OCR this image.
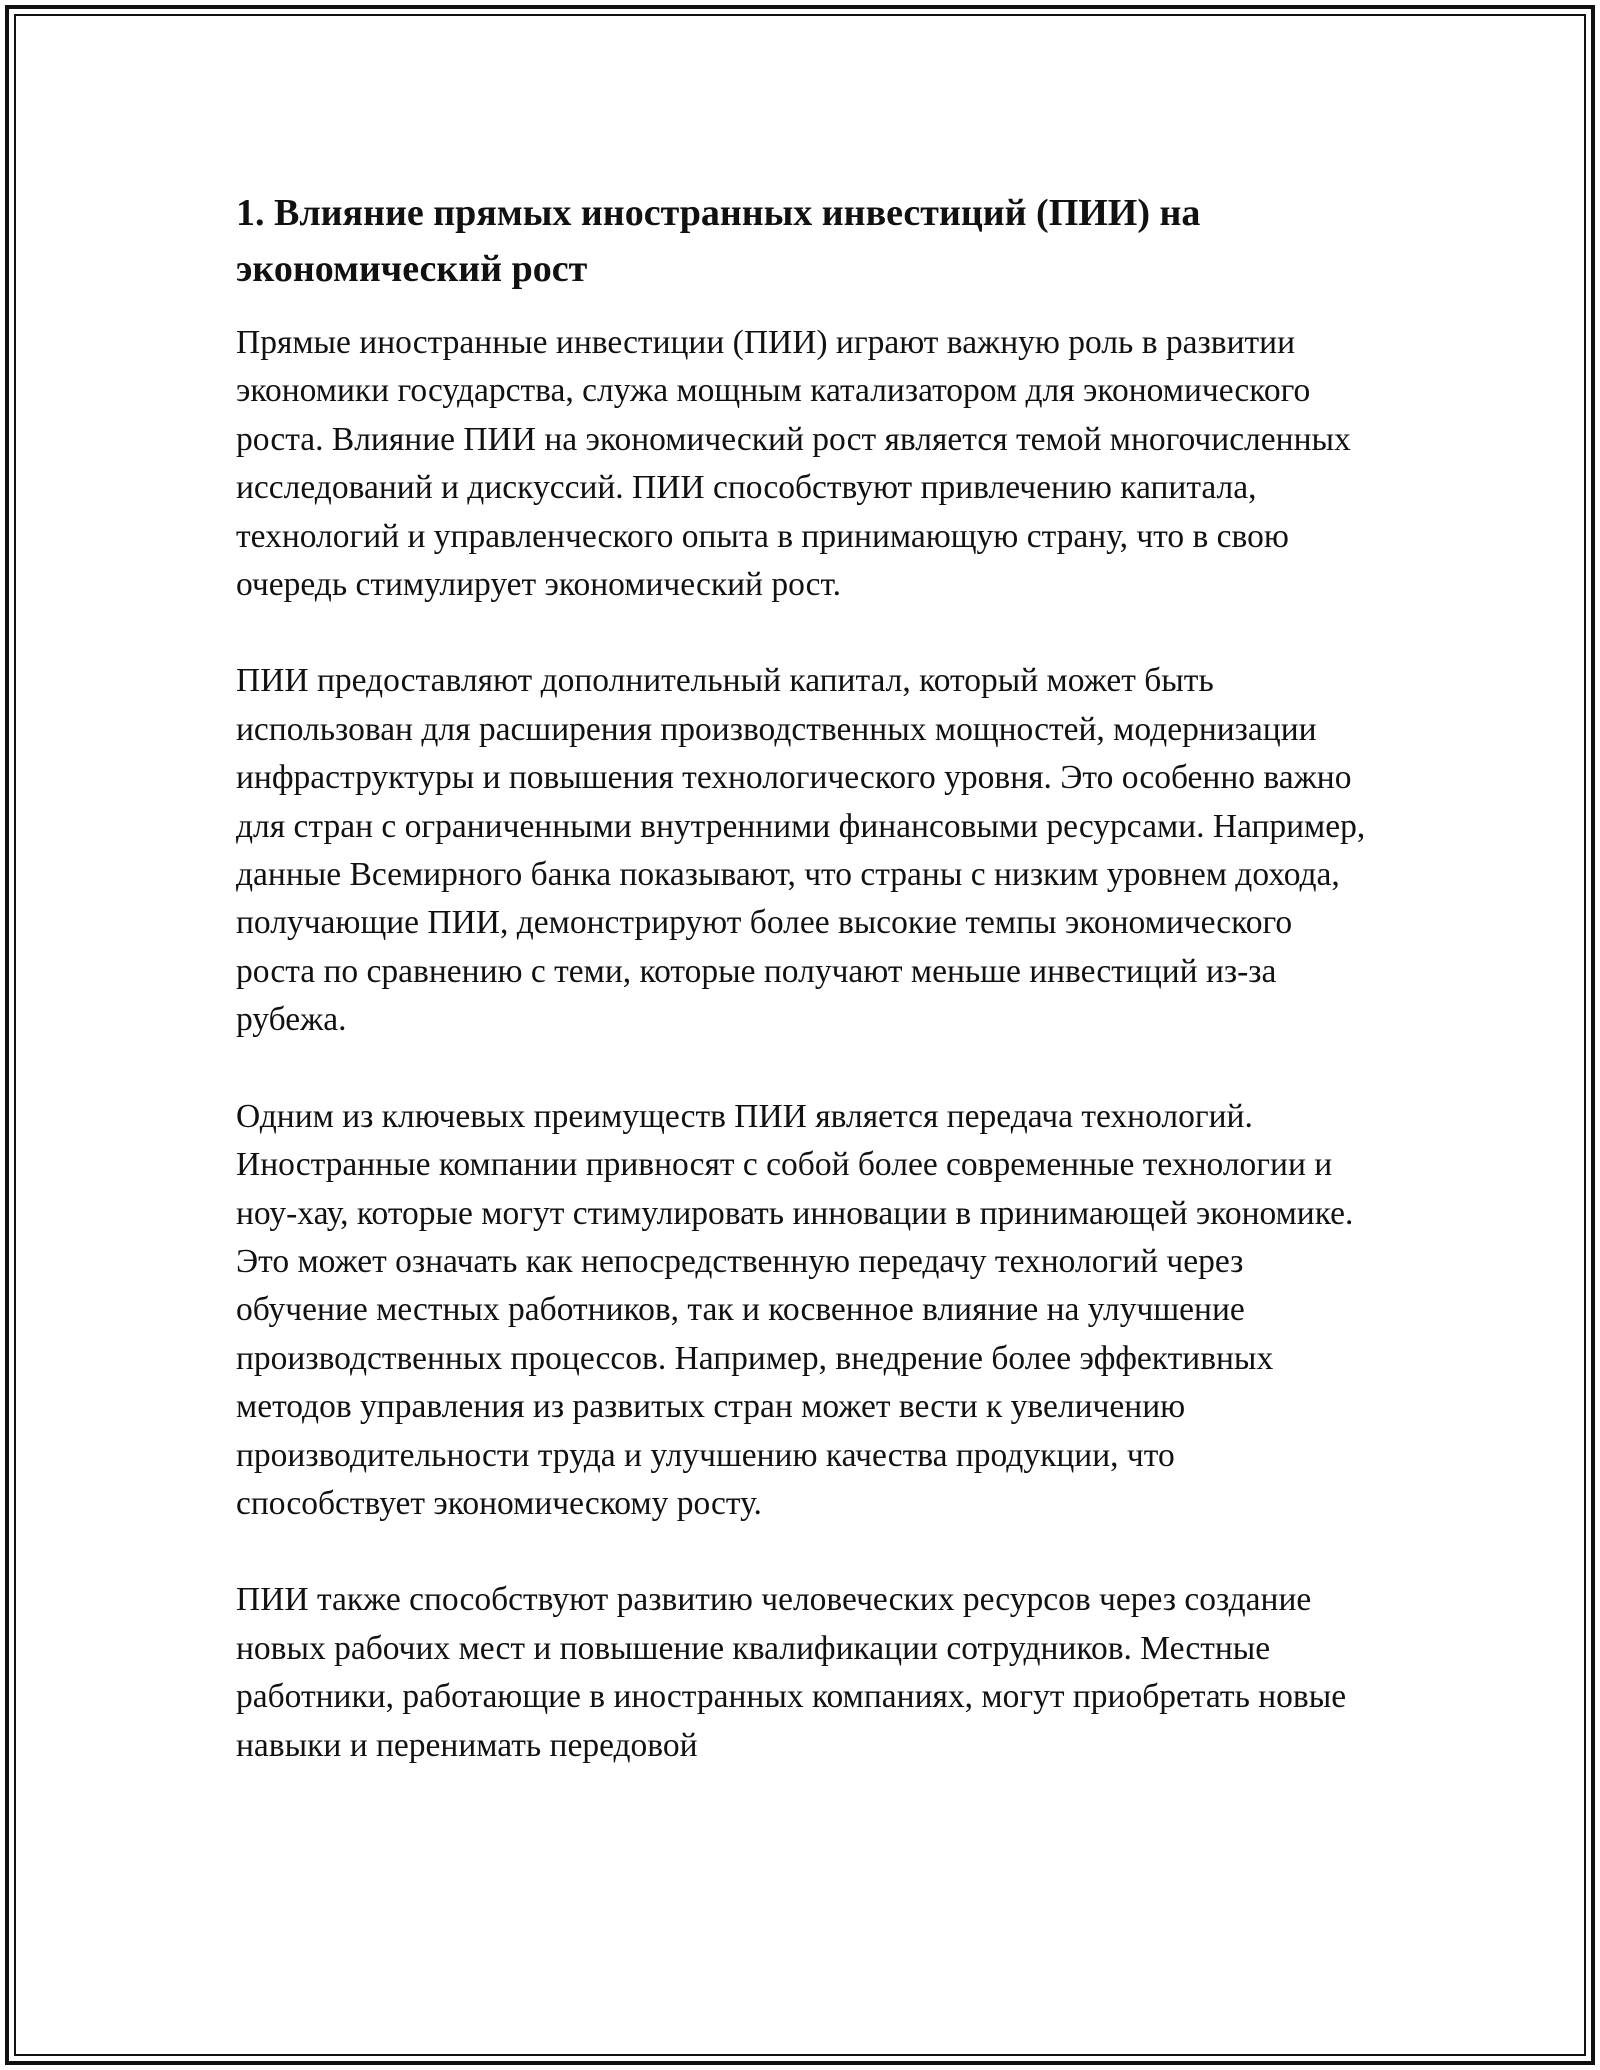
1. Влияние прямых иностранных инвестиций (ПИИ) на экономический рост

Прямые иностранные инвестиции (ПИИ) играют важную роль в развитии экономики государства, служа мощным катализатором для экономического роста. Влияние ПИИ на экономический рост является темой многочисленных исследований и дискуссий. ПИИ способствуют привлечению капитала, технологий и управленческого опыта в принимающую страну, что в свою очередь стимулирует экономический рост.

ПИИ предоставляют дополнительный капитал, который может быть использован для расширения производственных мощностей, модернизации инфраструктуры и повышения технологического уровня. Это особенно важно для стран с ограниченными внутренними финансовыми ресурсами. Например, данные Всемирного банка показывают, что страны с низким уровнем дохода, получающие ПИИ, демонстрируют более высокие темпы экономического роста по сравнению с теми, которые получают меньше инвестиций из-за рубежа.

Одним из ключевых преимуществ ПИИ является передача технологий. Иностранные компании привносят с собой более современные технологии и ноу-хау, которые могут стимулировать инновации в принимающей экономике. Это может означать как непосредственную передачу технологий через обучение местных работников, так и косвенное влияние на улучшение производственных процессов. Например, внедрение более эффективных методов управления из развитых стран может вести к увеличению производительности труда и улучшению качества продукции, что способствует экономическому росту.

ПИИ также способствуют развитию человеческих ресурсов через создание новых рабочих мест и повышение квалификации сотрудников. Местные работники, работающие в иностранных компаниях, могут приобретать новые навыки и перенимать передовой
